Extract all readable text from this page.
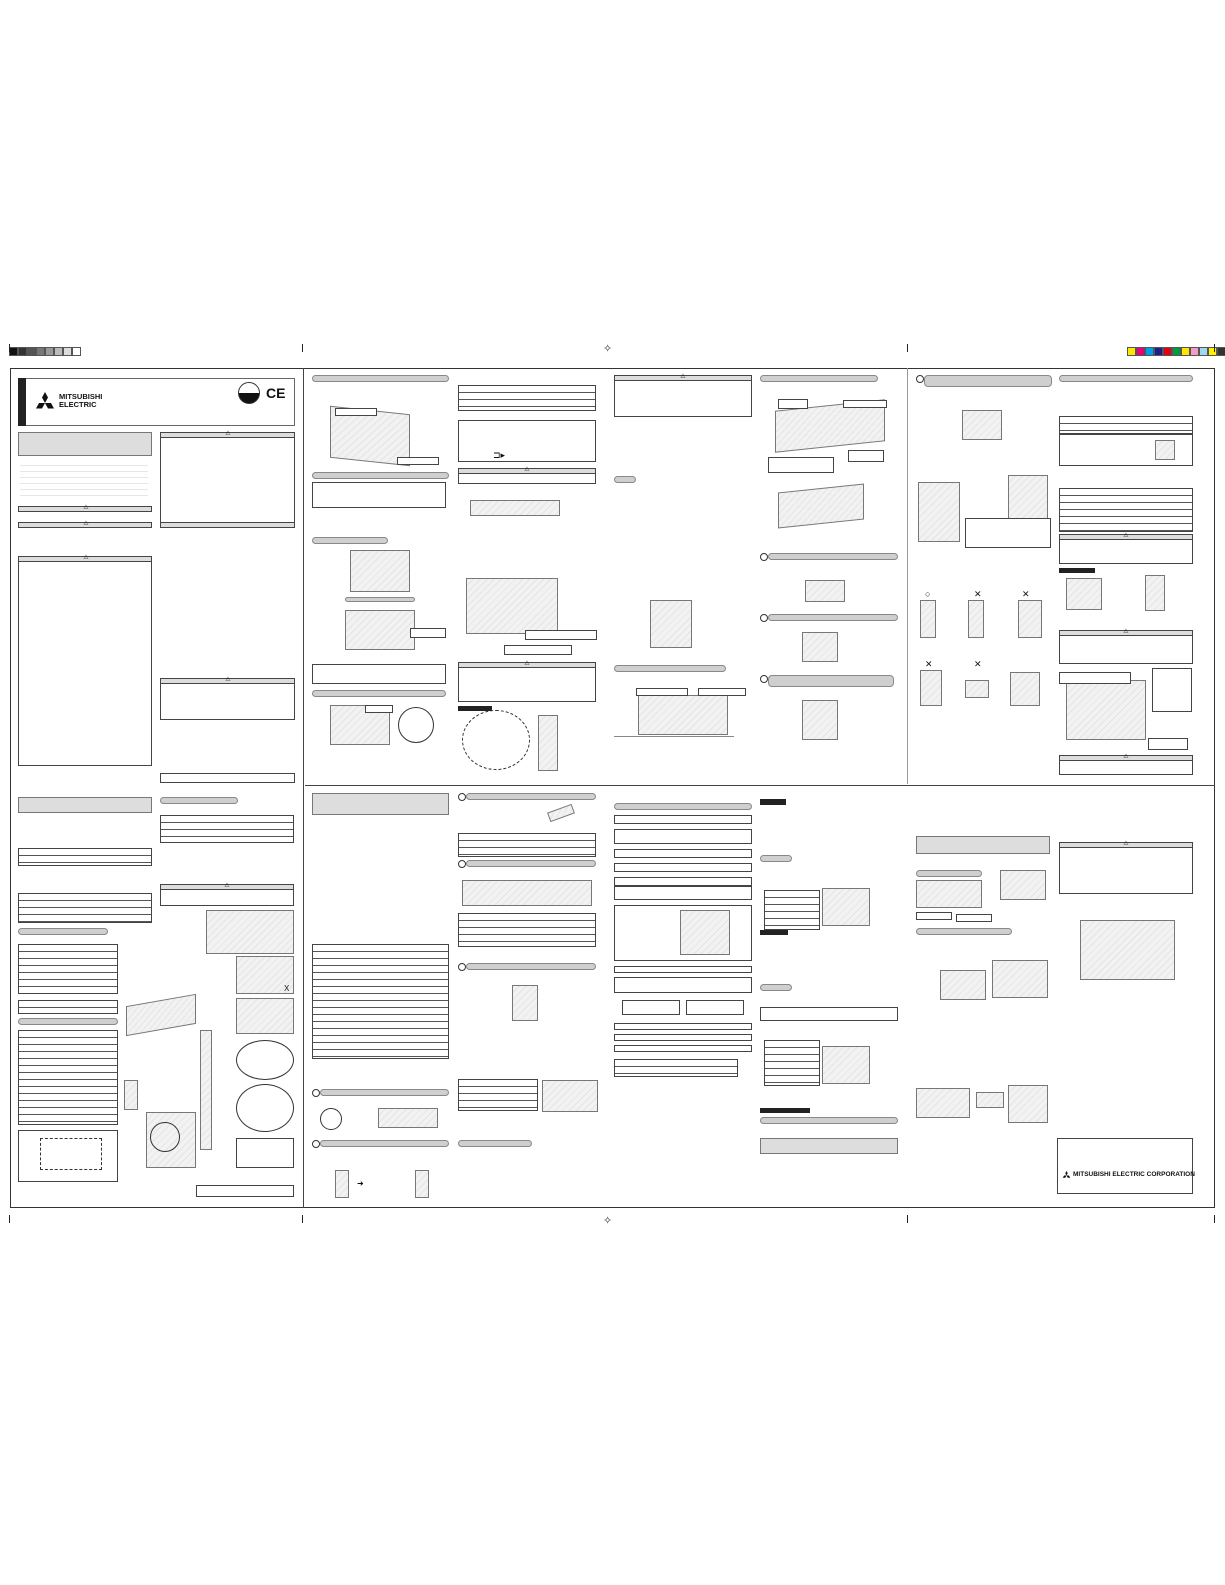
✧
✧
MITSUBISHI
ELECTRIC
CE
⚠
⚠
⚠
⚠
⚠
⚠
X
⊐▸
⚠
⚠
⚠
○	✕	✕
✕	✕
⚠
⚠
⚠
➜
⚠
MITSUBISHI ELECTRIC CORPORATION
